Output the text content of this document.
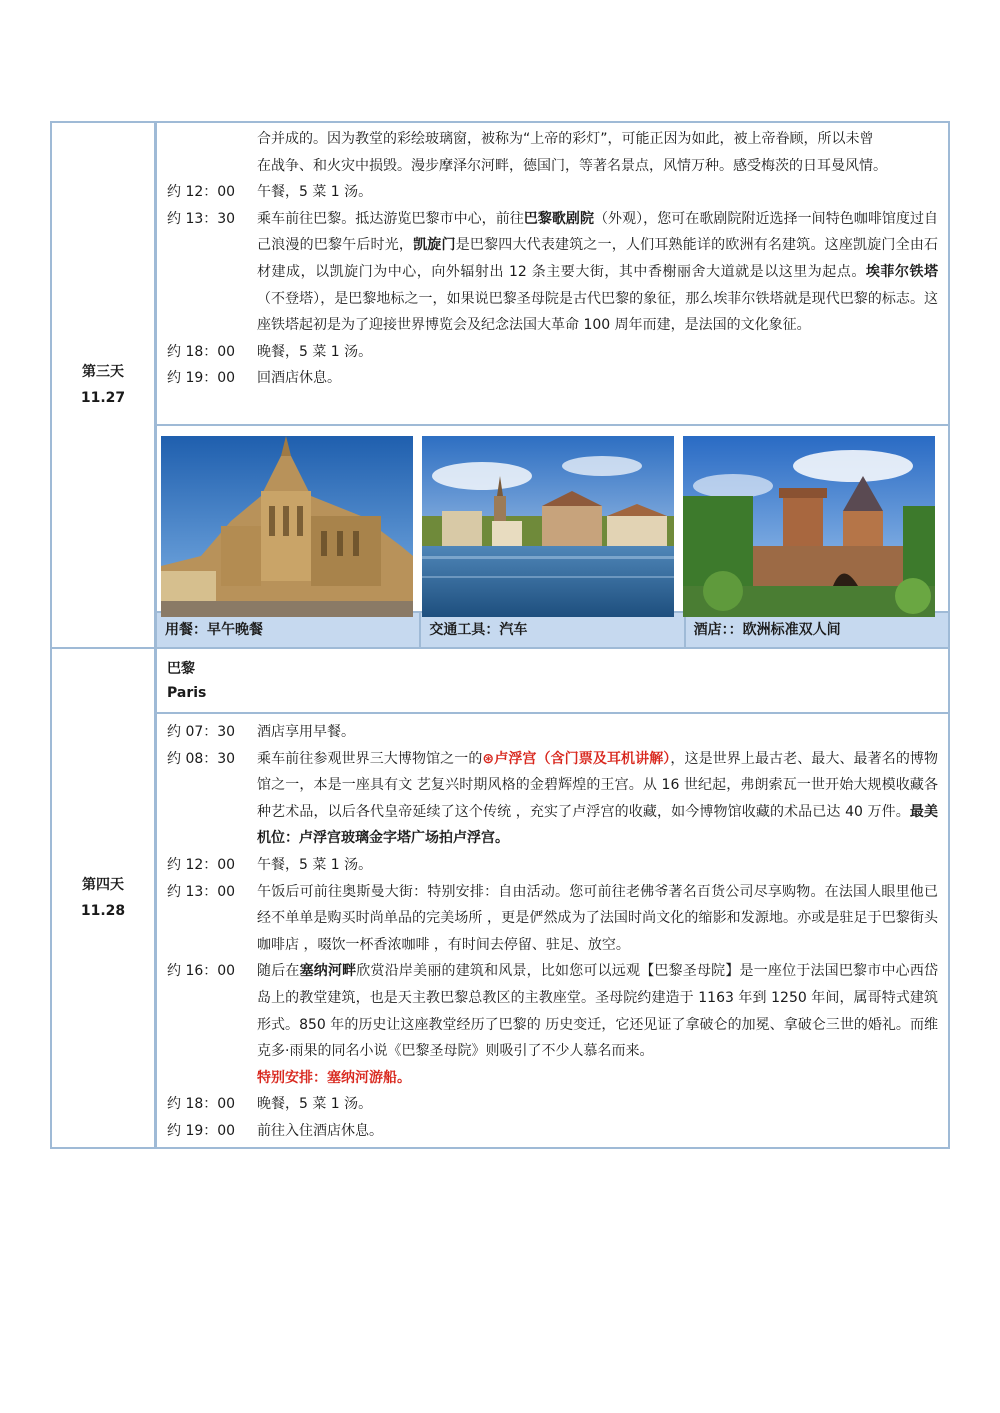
第三天
11.27
合并成的。因为教堂的彩绘玻璃窗，被称为“上帝的彩灯”，可能正因为如此，被上帝眷顾，所以未曾
在战争、和火灾中损毁。漫步摩泽尔河畔，德国门，等著名景点，风情万种。感受梅茨的日耳曼风情。
约 12：00	午餐，5 菜 1 汤。
约 13：30	乘车前往巴黎。抵达游览巴黎市中心，前往巴黎歌剧院（外观），您可在歌剧院附近选择一间特色咖啡馆度过自己浪漫的巴黎午后时光，凯旋门是巴黎四大代表建筑之一，人们耳熟能详的欧洲有名建筑。这座凯旋门全由石材建成，以凯旋门为中心，向外辐射出 12 条主要大街，其中香榭丽舍大道就是以这里为起点。埃菲尔铁塔（不登塔），是巴黎地标之一，如果说巴黎圣母院是古代巴黎的象征，那么埃菲尔铁塔就是现代巴黎的标志。这座铁塔起初是为了迎接世界博览会及纪念法国大革命 100 周年而建，是法国的文化象征。
约 18：00	晚餐，5 菜 1 汤。
约 19：00	回酒店休息。
用餐：早午晚餐	交通工具：汽车	酒店：：欧洲标准双人间
第四天
11.28
巴黎
Paris
约 07：30	酒店享用早餐。
约 08：30	乘车前往参观世界三大博物馆之一的⊛卢浮宫（含门票及耳机讲解），这是世界上最古老、最大、最著名的博物馆之一，本是一座具有文 艺复兴时期风格的金碧辉煌的王宫。从 16 世纪起，弗朗索瓦一世开始大规模收藏各种艺术品，以后各代皇帝延续了这个传统 ，充实了卢浮宫的收藏，如今博物馆收藏的术品已达 40 万件。最美机位：卢浮宫玻璃金字塔广场拍卢浮宫。
约 12：00	午餐，5 菜 1 汤。
约 13：00	午饭后可前往奥斯曼大街：特别安排：自由活动。您可前往老佛爷著名百货公司尽享购物。在法国人眼里他已经不单单是购买时尚单品的完美场所 ，更是俨然成为了法国时尚文化的缩影和发源地。亦或是驻足于巴黎街头咖啡店 ，啜饮一杯香浓咖啡 ，有时间去停留、驻足、放空。
约 16：00	随后在塞纳河畔欣赏沿岸美丽的建筑和风景，比如您可以远观【巴黎圣母院】是一座位于法国巴黎市中心西岱岛上的教堂建筑，也是天主教巴黎总教区的主教座堂。圣母院约建造于 1163 年到 1250 年间，属哥特式建筑形式。850 年的历史让这座教堂经历了巴黎的 历史变迁，它还见证了拿破仑的加冕、拿破仑三世的婚礼。而维克多·雨果的同名小说《巴黎圣母院》则吸引了不少人慕名而来。
特别安排：塞纳河游船。
约 18：00	晚餐，5 菜 1 汤。
约 19：00	前往入住酒店休息。
